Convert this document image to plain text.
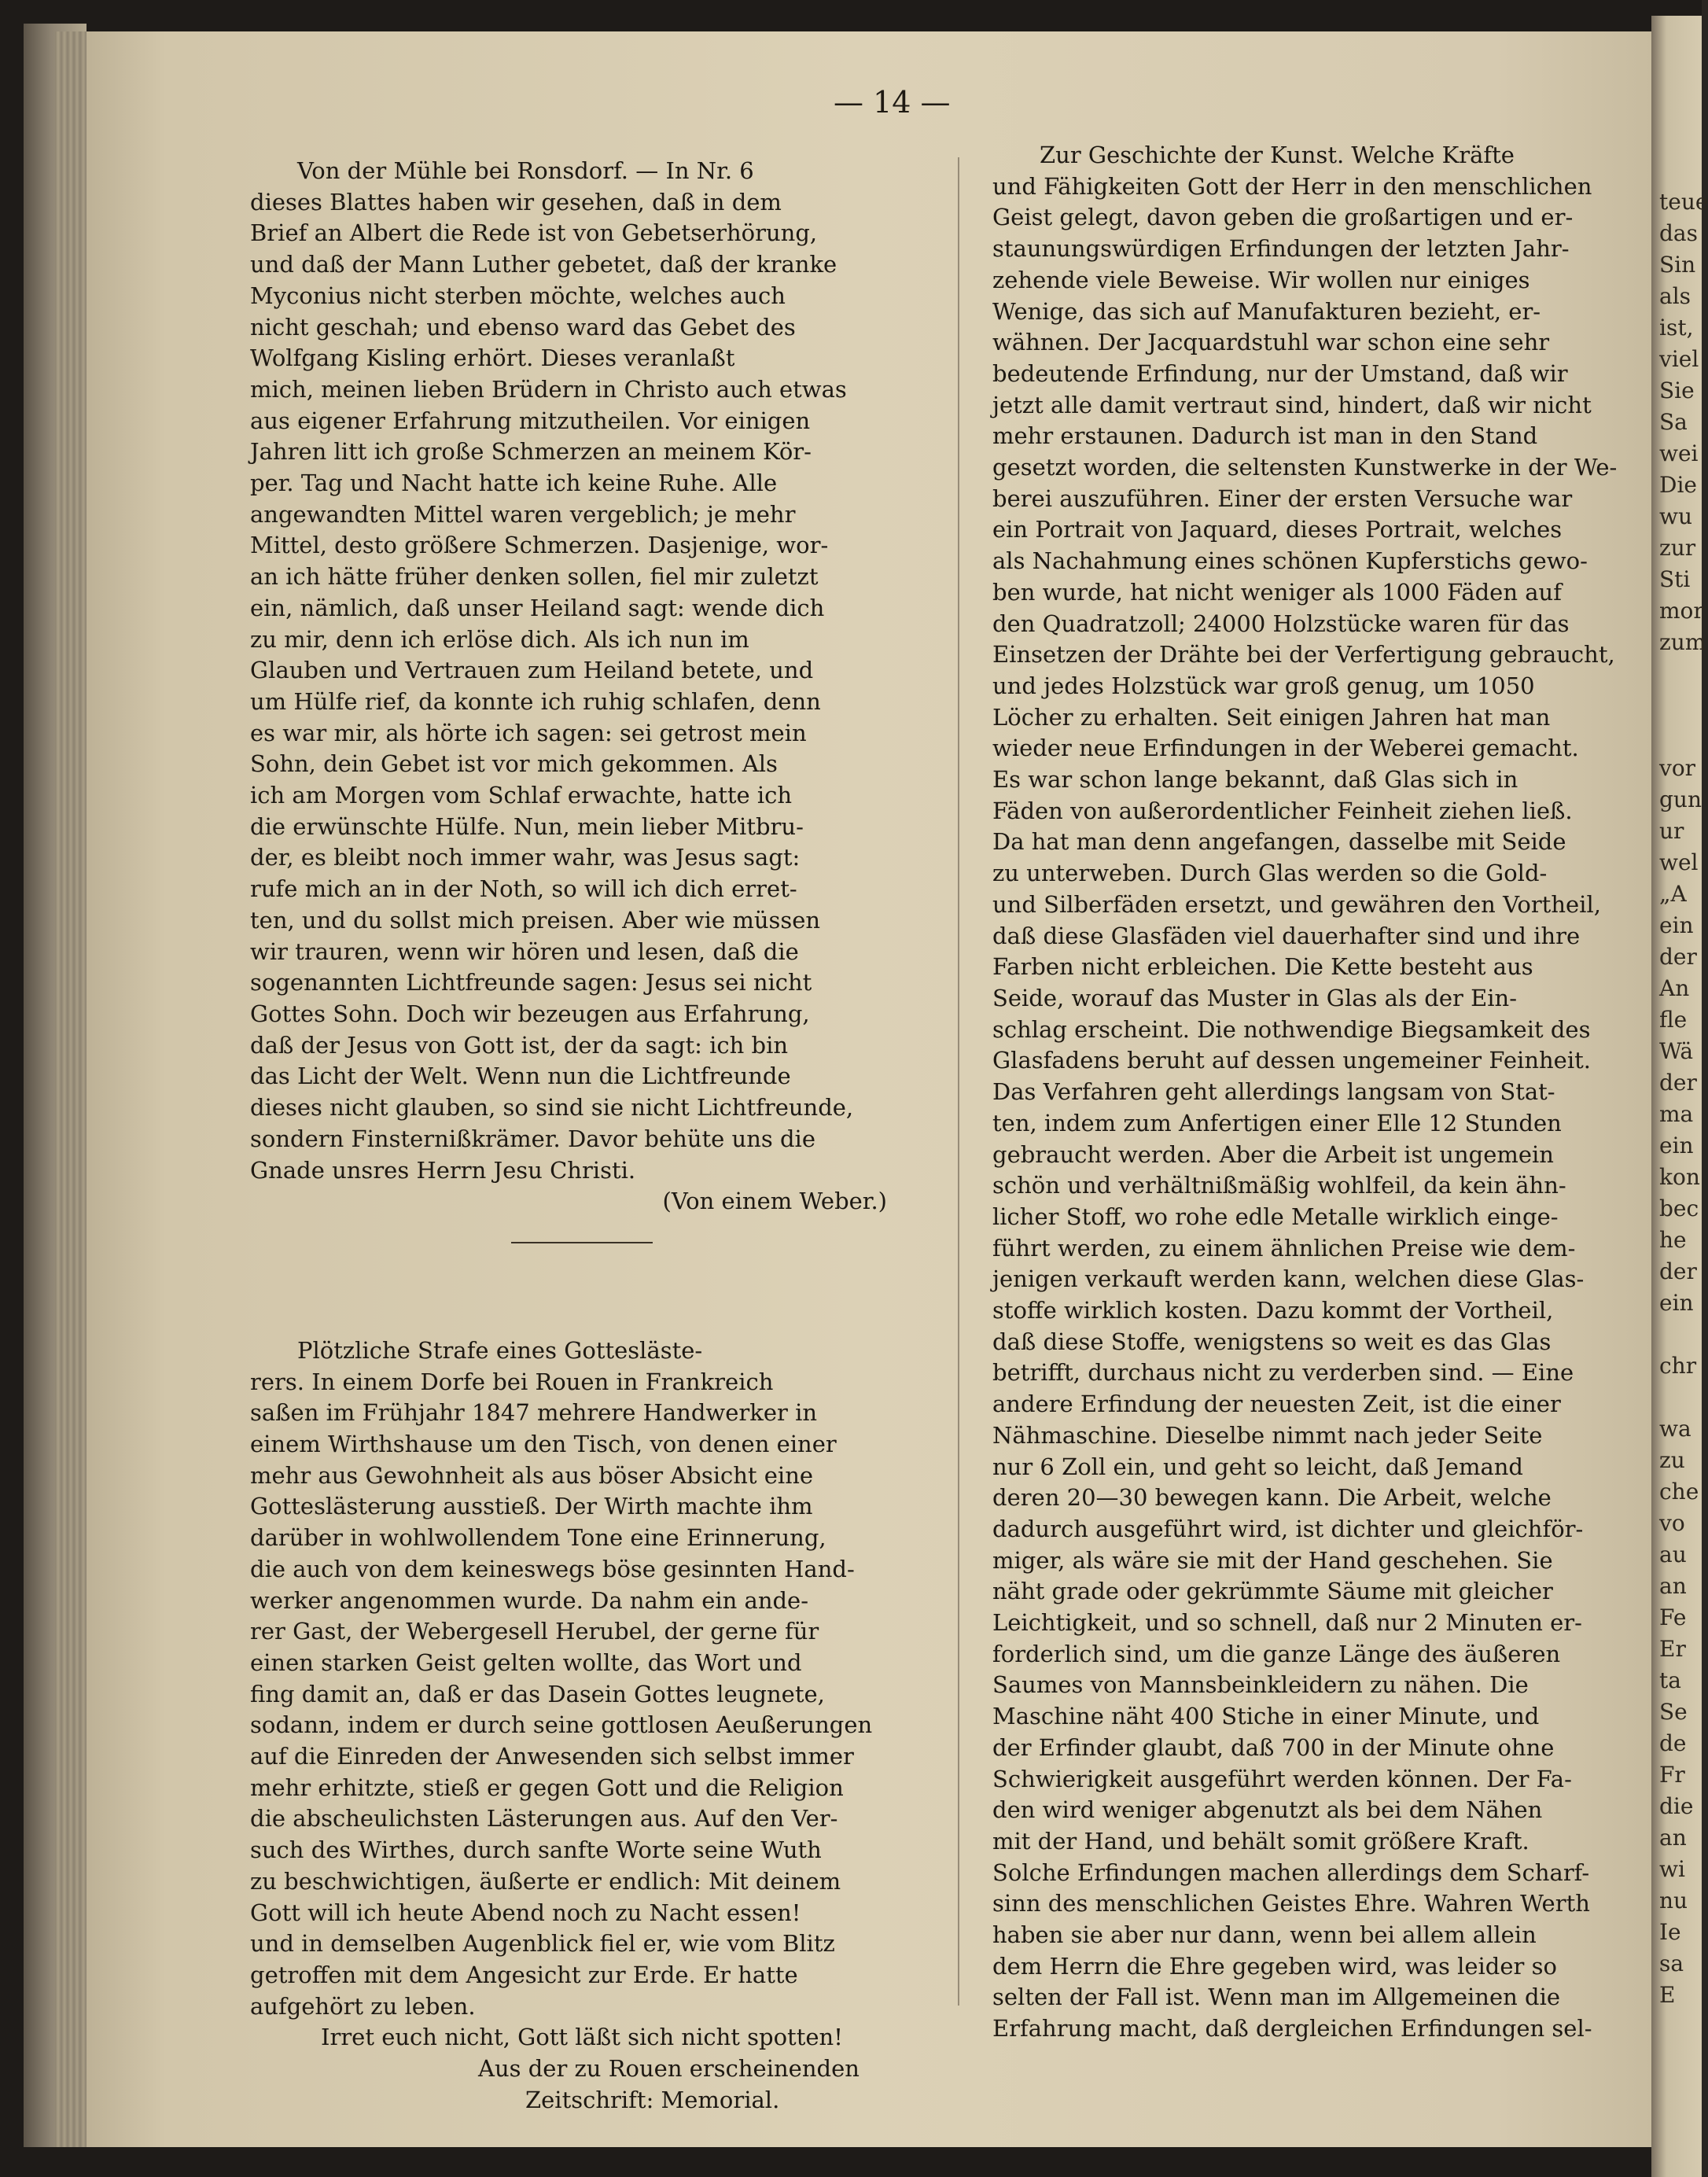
teue
das
Sin
als
ist,
viel
Sie
Sa
wei
Die
wu
zur
Sti
mor
zum
vor
gun
ur
wel
„A
ein
der
An
fle
Wä
der
ma
ein
kon
bec
he
der
ein
chr
wa
zu
che
vo
au
an
Fe
Er
ta
Se
de
Fr
die
an
wi
nu
Ie
sa
E
— 14 —
Von der Mühle bei Ronsdorf. — In Nr. 6
dieses Blattes haben wir gesehen, daß in dem
Brief an Albert die Rede ist von Gebetserhörung,
und daß der Mann Luther gebetet, daß der kranke
Myconius nicht sterben möchte, welches auch
nicht geschah; und ebenso ward das Gebet des
Wolfgang Kisling erhört. Dieses veranlaßt
mich, meinen lieben Brüdern in Christo auch etwas
aus eigener Erfahrung mitzutheilen. Vor einigen
Jahren litt ich große Schmerzen an meinem Kör-
per. Tag und Nacht hatte ich keine Ruhe. Alle
angewandten Mittel waren vergeblich; je mehr
Mittel, desto größere Schmerzen. Dasjenige, wor-
an ich hätte früher denken sollen, fiel mir zuletzt
ein, nämlich, daß unser Heiland sagt: wende dich
zu mir, denn ich erlöse dich. Als ich nun im
Glauben und Vertrauen zum Heiland betete, und
um Hülfe rief, da konnte ich ruhig schlafen, denn
es war mir, als hörte ich sagen: sei getrost mein
Sohn, dein Gebet ist vor mich gekommen. Als
ich am Morgen vom Schlaf erwachte, hatte ich
die erwünschte Hülfe. Nun, mein lieber Mitbru-
der, es bleibt noch immer wahr, was Jesus sagt:
rufe mich an in der Noth, so will ich dich erret-
ten, und du sollst mich preisen. Aber wie müssen
wir trauren, wenn wir hören und lesen, daß die
sogenannten Lichtfreunde sagen: Jesus sei nicht
Gottes Sohn. Doch wir bezeugen aus Erfahrung,
daß der Jesus von Gott ist, der da sagt: ich bin
das Licht der Welt. Wenn nun die Lichtfreunde
dieses nicht glauben, so sind sie nicht Lichtfreunde,
sondern Finsternißkrämer. Davor behüte uns die
Gnade unsres Herrn Jesu Christi.
(Von einem Weber.)
Plötzliche Strafe eines Gotteslästе-
rers. In einem Dorfe bei Rouen in Frankreich
saßen im Frühjahr 1847 mehrere Handwerker in
einem Wirthshause um den Tisch, von denen einer
mehr aus Gewohnheit als aus böser Absicht eine
Gotteslästerung ausstieß. Der Wirth machte ihm
darüber in wohlwollendem Tone eine Erinnerung,
die auch von dem keineswegs böse gesinnten Hand-
werker angenommen wurde. Da nahm ein ande-
rer Gast, der Webergesell Herubel, der gerne für
einen starken Geist gelten wollte, das Wort und
fing damit an, daß er das Dasein Gottes leugnete,
sodann, indem er durch seine gottlosen Aeußerungen
auf die Einreden der Anwesenden sich selbst immer
mehr erhitzte, stieß er gegen Gott und die Religion
die abscheulichsten Lästerungen aus. Auf den Ver-
such des Wirthes, durch sanfte Worte seine Wuth
zu beschwichtigen, äußerte er endlich: Mit deinem
Gott will ich heute Abend noch zu Nacht essen!
und in demselben Augenblick fiel er, wie vom Blitz
getroffen mit dem Angesicht zur Erde. Er hatte
aufgehört zu leben.
Irret euch nicht, Gott läßt sich nicht spotten!
Aus der zu Rouen erscheinenden
Zeitschrift: Memorial.
Zur Geschichte der Kunst. Welche Kräfte
und Fähigkeiten Gott der Herr in den menschlichen
Geist gelegt, davon geben die großartigen und er-
staunungswürdigen Erfindungen der letzten Jahr-
zehende viele Beweise. Wir wollen nur einiges
Wenige, das sich auf Manufakturen bezieht, er-
wähnen. Der Jacquardstuhl war schon eine sehr
bedeutende Erfindung, nur der Umstand, daß wir
jetzt alle damit vertraut sind, hindert, daß wir nicht
mehr erstaunen. Dadurch ist man in den Stand
gesetzt worden, die seltensten Kunstwerke in der We-
berei auszuführen. Einer der ersten Versuche war
ein Portrait von Jaquard, dieses Portrait, welches
als Nachahmung eines schönen Kupferstichs gewo-
ben wurde, hat nicht weniger als 1000 Fäden auf
den Quadratzoll; 24000 Holzstücke waren für das
Einsetzen der Drähte bei der Verfertigung gebraucht,
und jedes Holzstück war groß genug, um 1050
Löcher zu erhalten. Seit einigen Jahren hat man
wieder neue Erfindungen in der Weberei gemacht.
Es war schon lange bekannt, daß Glas sich in
Fäden von außerordentlicher Feinheit ziehen ließ.
Da hat man denn angefangen, dasselbe mit Seide
zu unterweben. Durch Glas werden so die Gold-
und Silberfäden ersetzt, und gewähren den Vortheil,
daß diese Glasfäden viel dauerhafter sind und ihre
Farben nicht erbleichen. Die Kette besteht aus
Seide, worauf das Muster in Glas als der Ein-
schlag erscheint. Die nothwendige Biegsamkeit des
Glasfadens beruht auf dessen ungemeiner Feinheit.
Das Verfahren geht allerdings langsam von Stat-
ten, indem zum Anfertigen einer Elle 12 Stunden
gebraucht werden. Aber die Arbeit ist ungemein
schön und verhältnißmäßig wohlfeil, da kein ähn-
licher Stoff, wo rohe edle Metalle wirklich einge-
führt werden, zu einem ähnlichen Preise wie dem-
jenigen verkauft werden kann, welchen diese Glas-
stoffe wirklich kosten. Dazu kommt der Vortheil,
daß diese Stoffe, wenigstens so weit es das Glas
betrifft, durchaus nicht zu verderben sind. — Eine
andere Erfindung der neuesten Zeit, ist die einer
Nähmaschine. Dieselbe nimmt nach jeder Seite
nur 6 Zoll ein, und geht so leicht, daß Jemand
deren 20—30 bewegen kann. Die Arbeit, welche
dadurch ausgeführt wird, ist dichter und gleichför-
miger, als wäre sie mit der Hand geschehen. Sie
näht grade oder gekrümmte Säume mit gleicher
Leichtigkeit, und so schnell, daß nur 2 Minuten er-
forderlich sind, um die ganze Länge des äußeren
Saumes von Mannsbeinkleidern zu nähen. Die
Maschine näht 400 Stiche in einer Minute, und
der Erfinder glaubt, daß 700 in der Minute ohne
Schwierigkeit ausgeführt werden können. Der Fa-
den wird weniger abgenutzt als bei dem Nähen
mit der Hand, und behält somit größere Kraft.
Solche Erfindungen machen allerdings dem Scharf-
sinn des menschlichen Geistes Ehre. Wahren Werth
haben sie aber nur dann, wenn bei allem allein
dem Herrn die Ehre gegeben wird, was leider so
selten der Fall ist. Wenn man im Allgemeinen die
Erfahrung macht, daß dergleichen Erfindungen sel-
